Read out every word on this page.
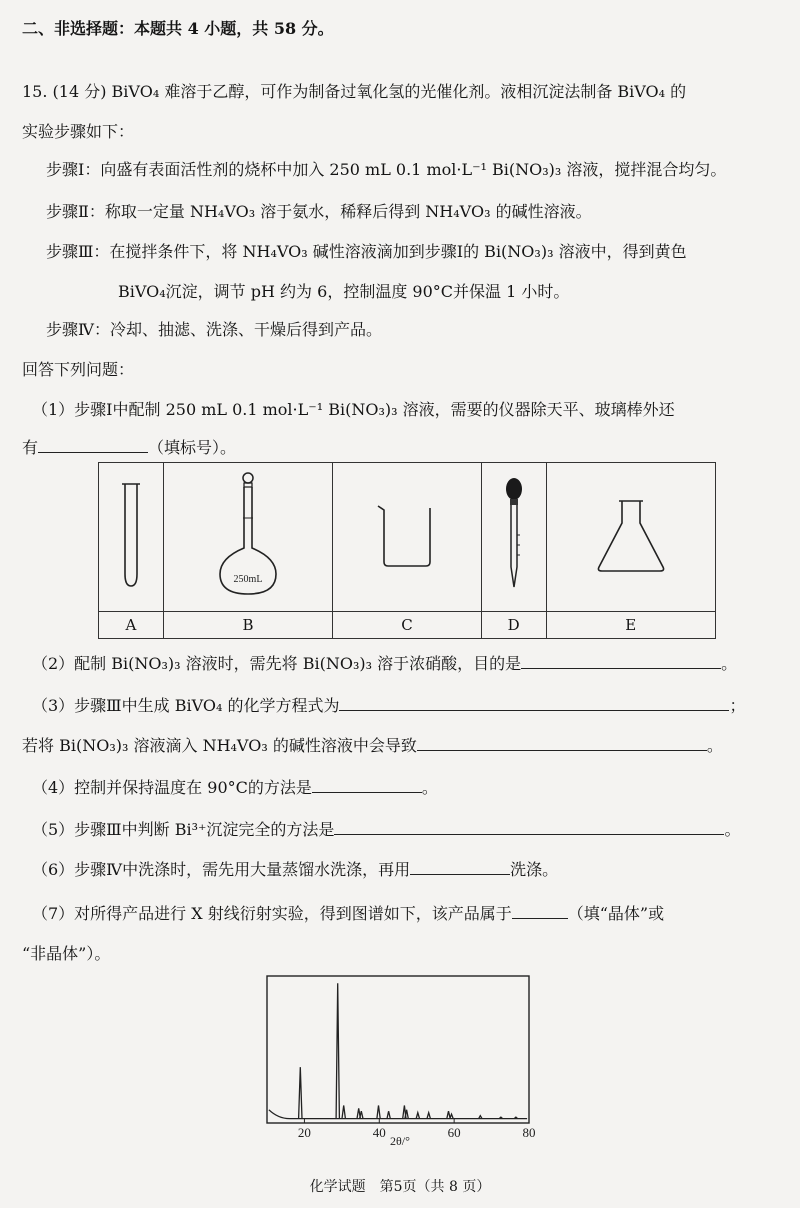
二、非选择题：本题共 4 小题，共 58 分。
15. (14 分) BiVO₄ 难溶于乙醇，可作为制备过氧化氢的光催化剂。液相沉淀法制备 BiVO₄ 的
实验步骤如下：
步骤Ⅰ：向盛有表面活性剂的烧杯中加入 250 mL 0.1 mol·L⁻¹ Bi(NO₃)₃ 溶液，搅拌混合均匀。
步骤Ⅱ：称取一定量 NH₄VO₃ 溶于氨水，稀释后得到 NH₄VO₃ 的碱性溶液。
步骤Ⅲ：在搅拌条件下，将 NH₄VO₃ 碱性溶液滴加到步骤Ⅰ的 Bi(NO₃)₃ 溶液中，得到黄色
BiVO₄沉淀，调节 pH 约为 6，控制温度 90°C并保温 1 小时。
步骤Ⅳ：冷却、抽滤、洗涤、干燥后得到产品。
回答下列问题：
（1）步骤Ⅰ中配制 250 mL 0.1 mol·L⁻¹ Bi(NO₃)₃ 溶液，需要的仪器除天平、玻璃棒外还
有	（填标号）。

250mL

A	B	C	D	E
（2）配制 Bi(NO₃)₃ 溶液时，需先将 Bi(NO₃)₃ 溶于浓硝酸，目的是	。
（3）步骤Ⅲ中生成 BiVO₄ 的化学方程式为	；
若将 Bi(NO₃)₃ 溶液滴入 NH₄VO₃ 的碱性溶液中会导致	。
（4）控制并保持温度在 90°C的方法是	。
（5）步骤Ⅲ中判断 Bi³⁺沉淀完全的方法是	。
（6）步骤Ⅳ中洗涤时，需先用大量蒸馏水洗涤，再用	洗涤。
（7）对所得产品进行 X 射线衍射实验，得到图谱如下，该产品属于	（填“晶体”或
“非晶体”）。
20	40	60	80
2θ/°
化学试题　第5页（共 8 页）
